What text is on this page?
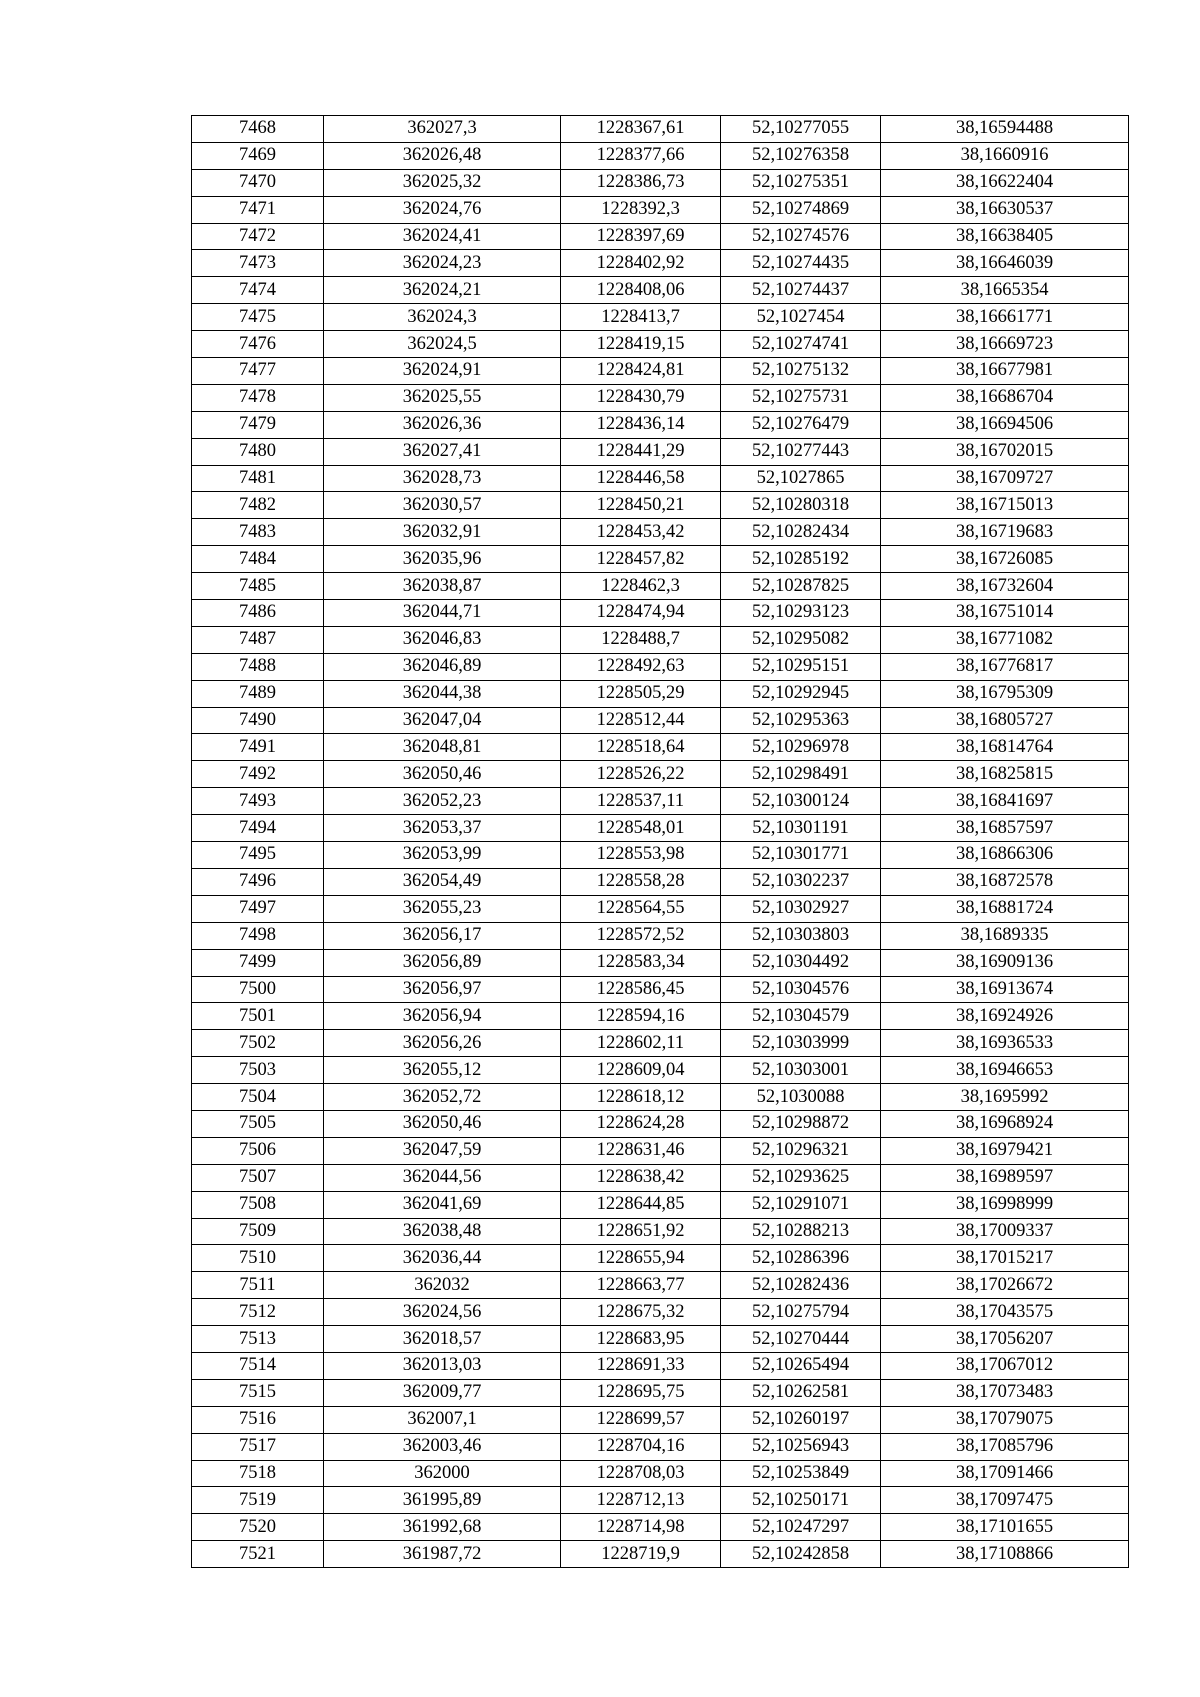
7468	362027,3	1228367,61	52,10277055	38,16594488
7469	362026,48	1228377,66	52,10276358	38,1660916
7470	362025,32	1228386,73	52,10275351	38,16622404
7471	362024,76	1228392,3	52,10274869	38,16630537
7472	362024,41	1228397,69	52,10274576	38,16638405
7473	362024,23	1228402,92	52,10274435	38,16646039
7474	362024,21	1228408,06	52,10274437	38,1665354
7475	362024,3	1228413,7	52,1027454	38,16661771
7476	362024,5	1228419,15	52,10274741	38,16669723
7477	362024,91	1228424,81	52,10275132	38,16677981
7478	362025,55	1228430,79	52,10275731	38,16686704
7479	362026,36	1228436,14	52,10276479	38,16694506
7480	362027,41	1228441,29	52,10277443	38,16702015
7481	362028,73	1228446,58	52,1027865	38,16709727
7482	362030,57	1228450,21	52,10280318	38,16715013
7483	362032,91	1228453,42	52,10282434	38,16719683
7484	362035,96	1228457,82	52,10285192	38,16726085
7485	362038,87	1228462,3	52,10287825	38,16732604
7486	362044,71	1228474,94	52,10293123	38,16751014
7487	362046,83	1228488,7	52,10295082	38,16771082
7488	362046,89	1228492,63	52,10295151	38,16776817
7489	362044,38	1228505,29	52,10292945	38,16795309
7490	362047,04	1228512,44	52,10295363	38,16805727
7491	362048,81	1228518,64	52,10296978	38,16814764
7492	362050,46	1228526,22	52,10298491	38,16825815
7493	362052,23	1228537,11	52,10300124	38,16841697
7494	362053,37	1228548,01	52,10301191	38,16857597
7495	362053,99	1228553,98	52,10301771	38,16866306
7496	362054,49	1228558,28	52,10302237	38,16872578
7497	362055,23	1228564,55	52,10302927	38,16881724
7498	362056,17	1228572,52	52,10303803	38,1689335
7499	362056,89	1228583,34	52,10304492	38,16909136
7500	362056,97	1228586,45	52,10304576	38,16913674
7501	362056,94	1228594,16	52,10304579	38,16924926
7502	362056,26	1228602,11	52,10303999	38,16936533
7503	362055,12	1228609,04	52,10303001	38,16946653
7504	362052,72	1228618,12	52,1030088	38,1695992
7505	362050,46	1228624,28	52,10298872	38,16968924
7506	362047,59	1228631,46	52,10296321	38,16979421
7507	362044,56	1228638,42	52,10293625	38,16989597
7508	362041,69	1228644,85	52,10291071	38,16998999
7509	362038,48	1228651,92	52,10288213	38,17009337
7510	362036,44	1228655,94	52,10286396	38,17015217
7511	362032	1228663,77	52,10282436	38,17026672
7512	362024,56	1228675,32	52,10275794	38,17043575
7513	362018,57	1228683,95	52,10270444	38,17056207
7514	362013,03	1228691,33	52,10265494	38,17067012
7515	362009,77	1228695,75	52,10262581	38,17073483
7516	362007,1	1228699,57	52,10260197	38,17079075
7517	362003,46	1228704,16	52,10256943	38,17085796
7518	362000	1228708,03	52,10253849	38,17091466
7519	361995,89	1228712,13	52,10250171	38,17097475
7520	361992,68	1228714,98	52,10247297	38,17101655
7521	361987,72	1228719,9	52,10242858	38,17108866
